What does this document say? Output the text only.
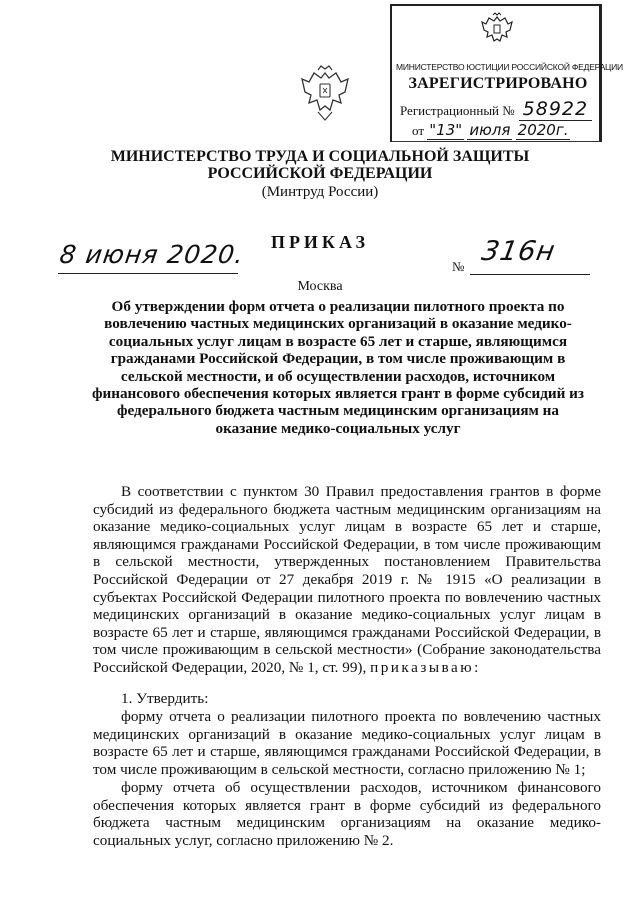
МИНИСТЕРСТВО ЮСТИЦИИ РОССИЙСКОЙ ФЕДЕРАЦИИ
ЗАРЕГИСТРИРОВАНО
Регистрационный № 58922
от "13" июля 2020г.
МИНИСТЕРСТВО ТРУДА И СОЦИАЛЬНОЙ ЗАЩИТЫ
РОССИЙСКОЙ ФЕДЕРАЦИИ
(Минтруд России)
8 июня 2020.	ПРИКАЗ
№ 316н
Москва
Об утверждении форм отчета о реализации пилотного проекта по вовлечению частных медицинских организаций в оказание медико-социальных услуг лицам в возрасте 65 лет и старше, являющимся гражданами Российской Федерации, в том числе проживающим в сельской местности, и об осуществлении расходов, источником финансового обеспечения которых является грант в форме субсидий из федерального бюджета частным медицинским организациям на оказание медико-социальных услуг
В соответствии с пунктом 30 Правил предоставления грантов в форме субсидий из федерального бюджета частным медицинским организациям на оказание медико-социальных услуг лицам в возрасте 65 лет и старше, являющимся гражданами Российской Федерации, в том числе проживающим в сельской местности, утвержденных постановлением Правительства Российской Федерации от 27 декабря 2019 г. № 1915 «О реализации в субъектах Российской Федерации пилотного проекта по вовлечению частных медицинских организаций в оказание медико-социальных услуг лицам в возрасте 65 лет и старше, являющимся гражданами Российской Федерации, в том числе проживающим в сельской местности» (Собрание законодательства Российской Федерации, 2020, № 1, ст. 99), приказываю:
1. Утвердить:
форму отчета о реализации пилотного проекта по вовлечению частных медицинских организаций в оказание медико-социальных услуг лицам в возрасте 65 лет и старше, являющимся гражданами Российской Федерации, в том числе проживающим в сельской местности, согласно приложению № 1;
форму отчета об осуществлении расходов, источником финансового обеспечения которых является грант в форме субсидий из федерального бюджета частным медицинским организациям на оказание медико-социальных услуг, согласно приложению № 2.
